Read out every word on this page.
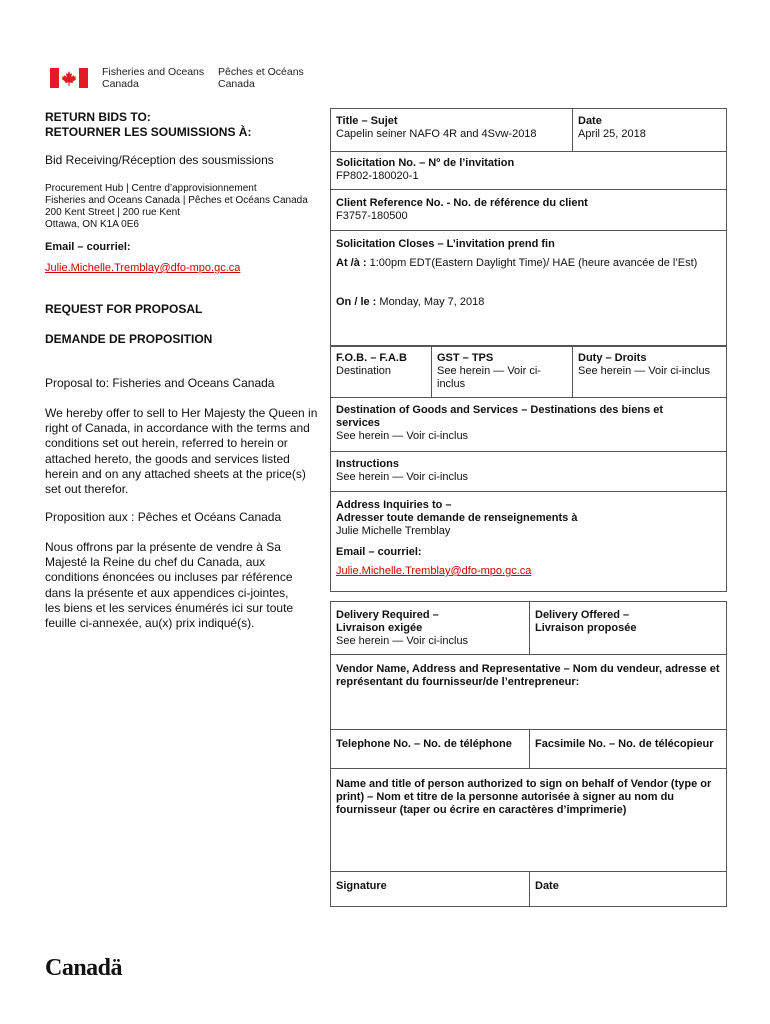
Fisheries and Oceans
Canada
Pêches et Océans
Canada
RETURN BIDS TO:
RETOURNER LES SOUMISSIONS À:
Bid Receiving/Réception des sousmissions
Procurement Hub | Centre d’approvisionnement
Fisheries and Oceans Canada | Pêches et Océans Canada
200 Kent Street | 200 rue Kent
Ottawa, ON K1A 0E6
Email – courriel:
Julie.Michelle.Tremblay@dfo-mpo.gc.ca
REQUEST FOR PROPOSAL
DEMANDE DE PROPOSITION
Proposal to: Fisheries and Oceans Canada
We hereby offer to sell to Her Majesty the Queen in right of Canada, in accordance with the terms and conditions set out herein, referred to herein or attached hereto, the goods and services listed herein and on any attached sheets at the price(s) set out therefor.
Proposition aux : Pêches et Océans Canada
Nous offrons par la présente de vendre à Sa Majesté la Reine du chef du Canada, aux conditions énoncées ou incluses par référence dans la présente et aux appendices ci-jointes, les biens et les services énumérés ici sur toute feuille ci-annexée, au(x) prix indiqué(s).
Title – Sujet
Capelin seiner NAFO 4R and 4Svw-2018
Date
April 25, 2018
Solicitation No. – Nº de l’invitation
FP802-180020-1
Client Reference No. - No. de référence du client
F3757-180500
Solicitation Closes – L’invitation prend fin
At /à : 1:00pm EDT(Eastern Daylight Time)/ HAE (heure avancée de l’Est)
On / le : Monday, May 7, 2018
F.O.B. – F.A.B
Destination
GST – TPS
See herein — Voir ci-inclus
Duty – Droits
See herein — Voir ci-inclus
Destination of Goods and Services – Destinations des biens et services
See herein — Voir ci-inclus
Instructions
See herein — Voir ci-inclus
Address Inquiries to –
Adresser toute demande de renseignements à
Julie Michelle Tremblay
Email – courriel:
Julie.Michelle.Tremblay@dfo-mpo.gc.ca
Delivery Required –
Livraison exigée
See herein — Voir ci-inclus
Delivery Offered –
Livraison proposée
Vendor Name, Address and Representative – Nom du vendeur, adresse et représentant du fournisseur/de l’entrepreneur:
Telephone No. – No. de téléphone	Facsimile No. – No. de télécopieur
Name and title of person authorized to sign on behalf of Vendor (type or print) – Nom et titre de la personne autorisée à signer au nom du fournisseur (taper ou écrire en caractères d’imprimerie)
Signature	Date
Canadä
